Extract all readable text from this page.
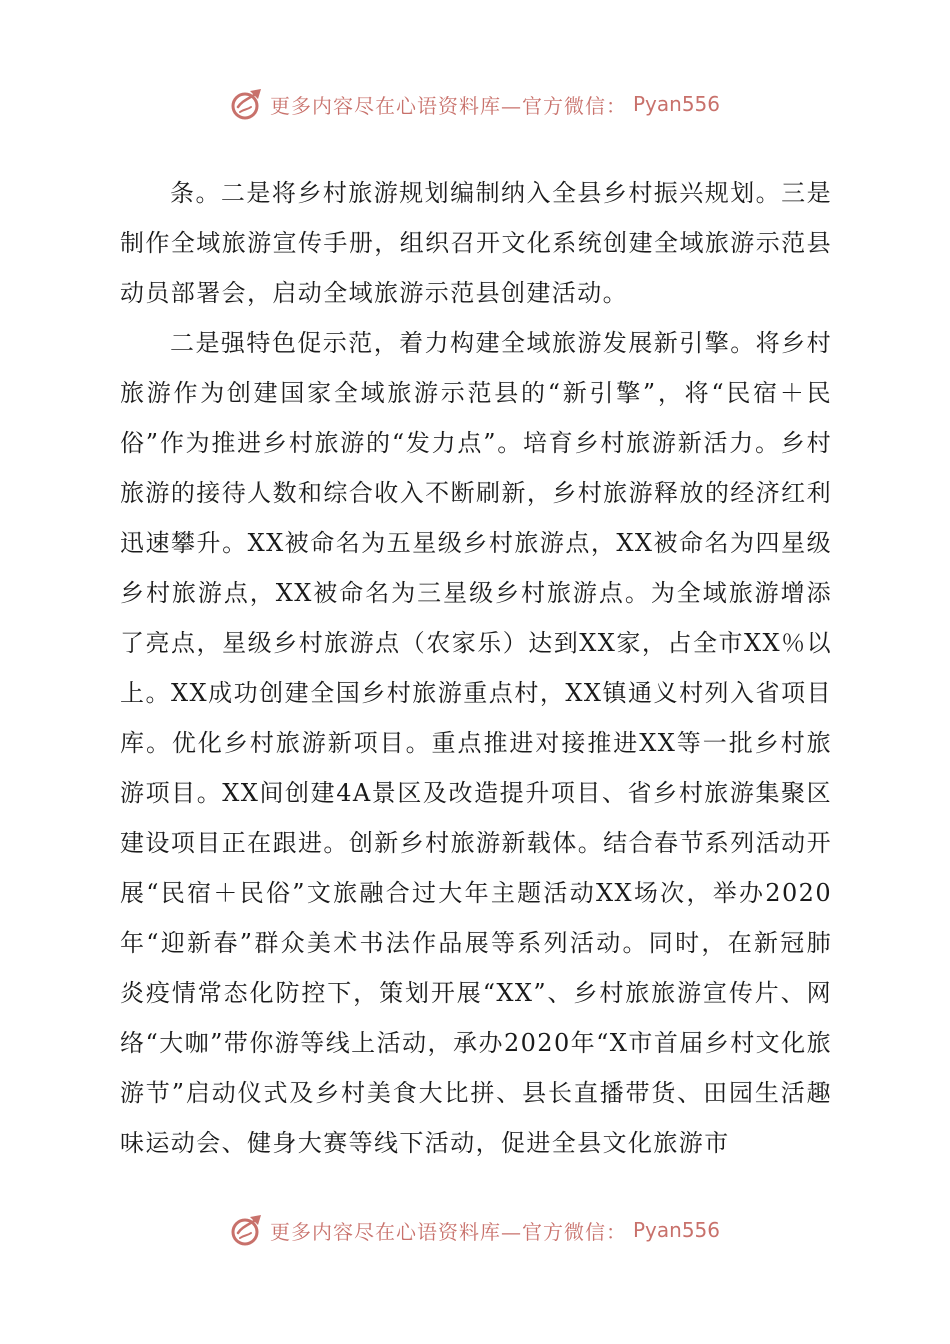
更多内容尽在心语资料库—官方微信： Pyan556

条。二是将乡村旅游规划编制纳入全县乡村振兴规划。三是制作全域旅游宣传手册，组织召开文化系统创建全域旅游示范县动员部署会，启动全域旅游示范县创建活动。

二是强特色促示范，着力构建全域旅游发展新引擎。将乡村旅游作为创建国家全域旅游示范县的“新引擎”，将“民宿＋民俗”作为推进乡村旅游的“发力点”。培育乡村旅游新活力。乡村旅游的接待人数和综合收入不断刷新，乡村旅游释放的经济红利迅速攀升。XX被命名为五星级乡村旅游点，XX被命名为四星级乡村旅游点，XX被命名为三星级乡村旅游点。为全域旅游增添了亮点，星级乡村旅游点（农家乐）达到XX家，占全市XX％以上。XX成功创建全国乡村旅游重点村，XX镇通义村列入省项目库。优化乡村旅游新项目。重点推进对接推进XX等一批乡村旅游项目。XX间创建4A景区及改造提升项目、省乡村旅游集聚区建设项目正在跟进。创新乡村旅游新载体。结合春节系列活动开展“民宿＋民俗”文旅融合过大年主题活动XX场次，举办2020年“迎新春”群众美术书法作品展等系列活动。同时，在新冠肺炎疫情常态化防控下，策划开展“XX”、乡村旅旅游宣传片、网络“大咖”带你游等线上活动，承办2020年“X市首届乡村文化旅游节”启动仪式及乡村美食大比拼、县长直播带货、田园生活趣味运动会、健身大赛等线下活动，促进全县文化旅游市

更多内容尽在心语资料库—官方微信： Pyan556
